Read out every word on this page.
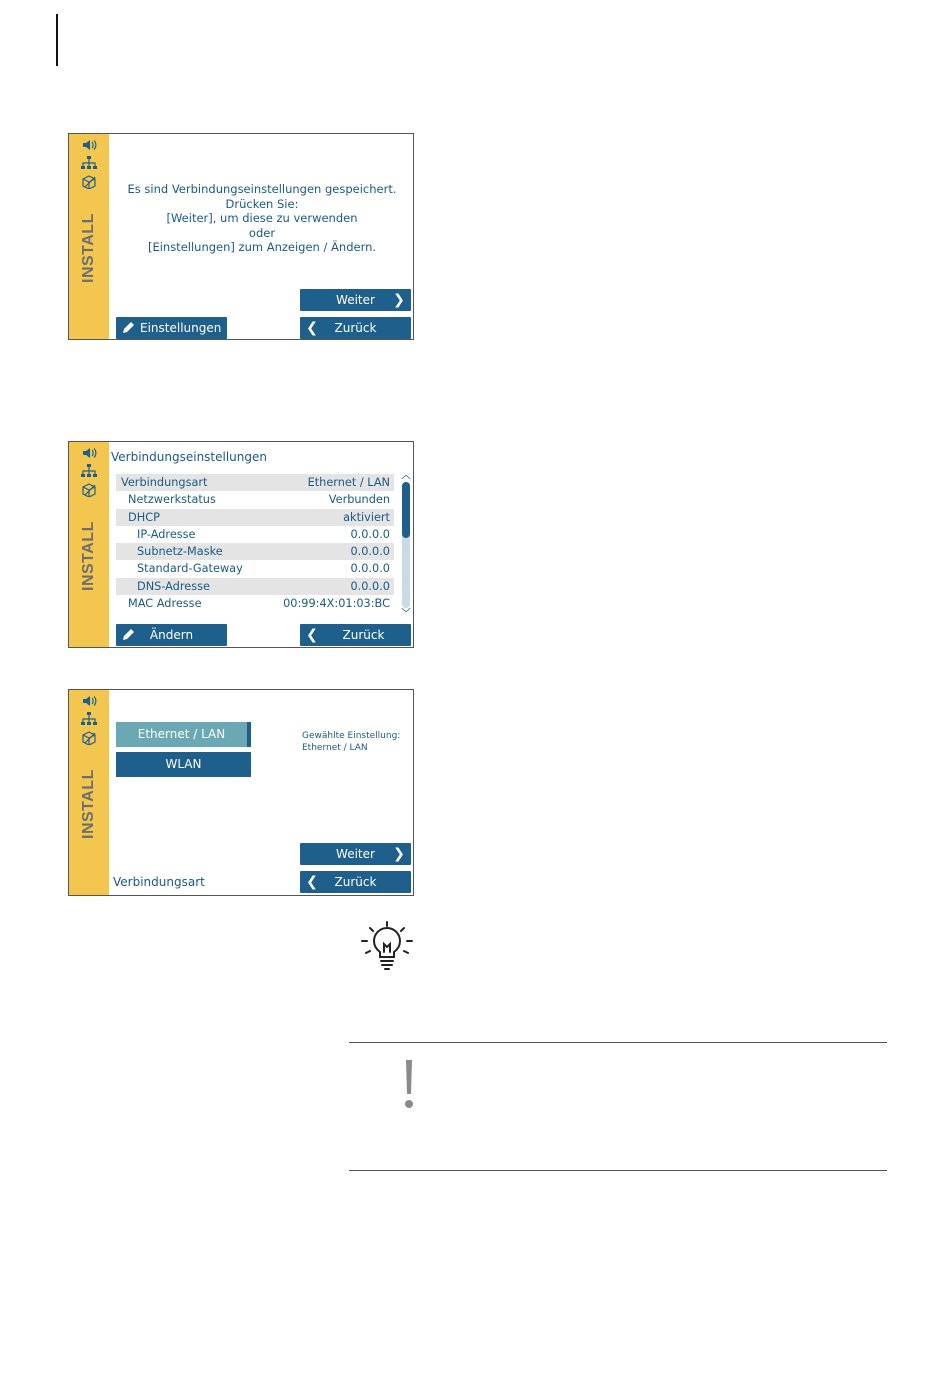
INSTALL
Es sind Verbindungseinstellungen gespeichert.
Drücken Sie:
[Weiter], um diese zu verwenden
oder
[Einstellungen] zum Anzeigen / Ändern.
Weiter ❯
Einstellungen	❮ Zurück
INSTALL
Verbindungseinstellungen
Verbindungsart	Ethernet / LAN
Netzwerkstatus	Verbunden
DHCP	aktiviert
IP-Adresse	0.0.0.0
Subnetz-Maske	0.0.0.0
Standard-Gateway	0.0.0.0
DNS-Adresse	0.0.0.0
MAC Adresse	00:99:4X:01:03:BC
︿
﹀
Ändern	❮ Zurück
INSTALL
Ethernet / LAN
WLAN
Gewählte Einstellung:
Ethernet / LAN
Weiter ❯
Verbindungsart	❮ Zurück
